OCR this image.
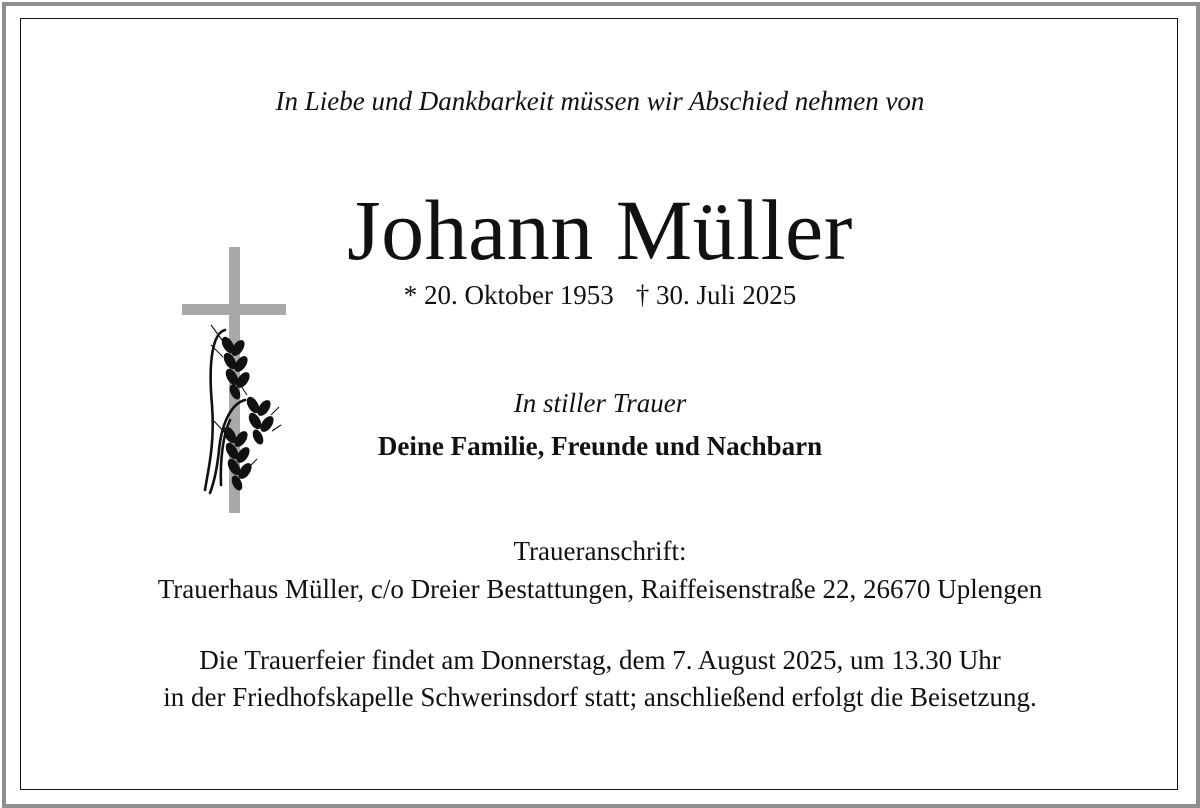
In Liebe und Dankbarkeit müssen wir Abschied nehmen von
Johann Müller
* 20. Oktober 1953 † 30. Juli 2025
In stiller Trauer
Deine Familie, Freunde und Nachbarn
Traueranschrift:
Trauerhaus Müller, c/o Dreier Bestattungen, Raiffeisenstraße 22, 26670 Uplengen
Die Trauerfeier findet am Donnerstag, dem 7. August 2025, um 13.30 Uhr
in der Friedhofskapelle Schwerinsdorf statt; anschließend erfolgt die Beisetzung.
